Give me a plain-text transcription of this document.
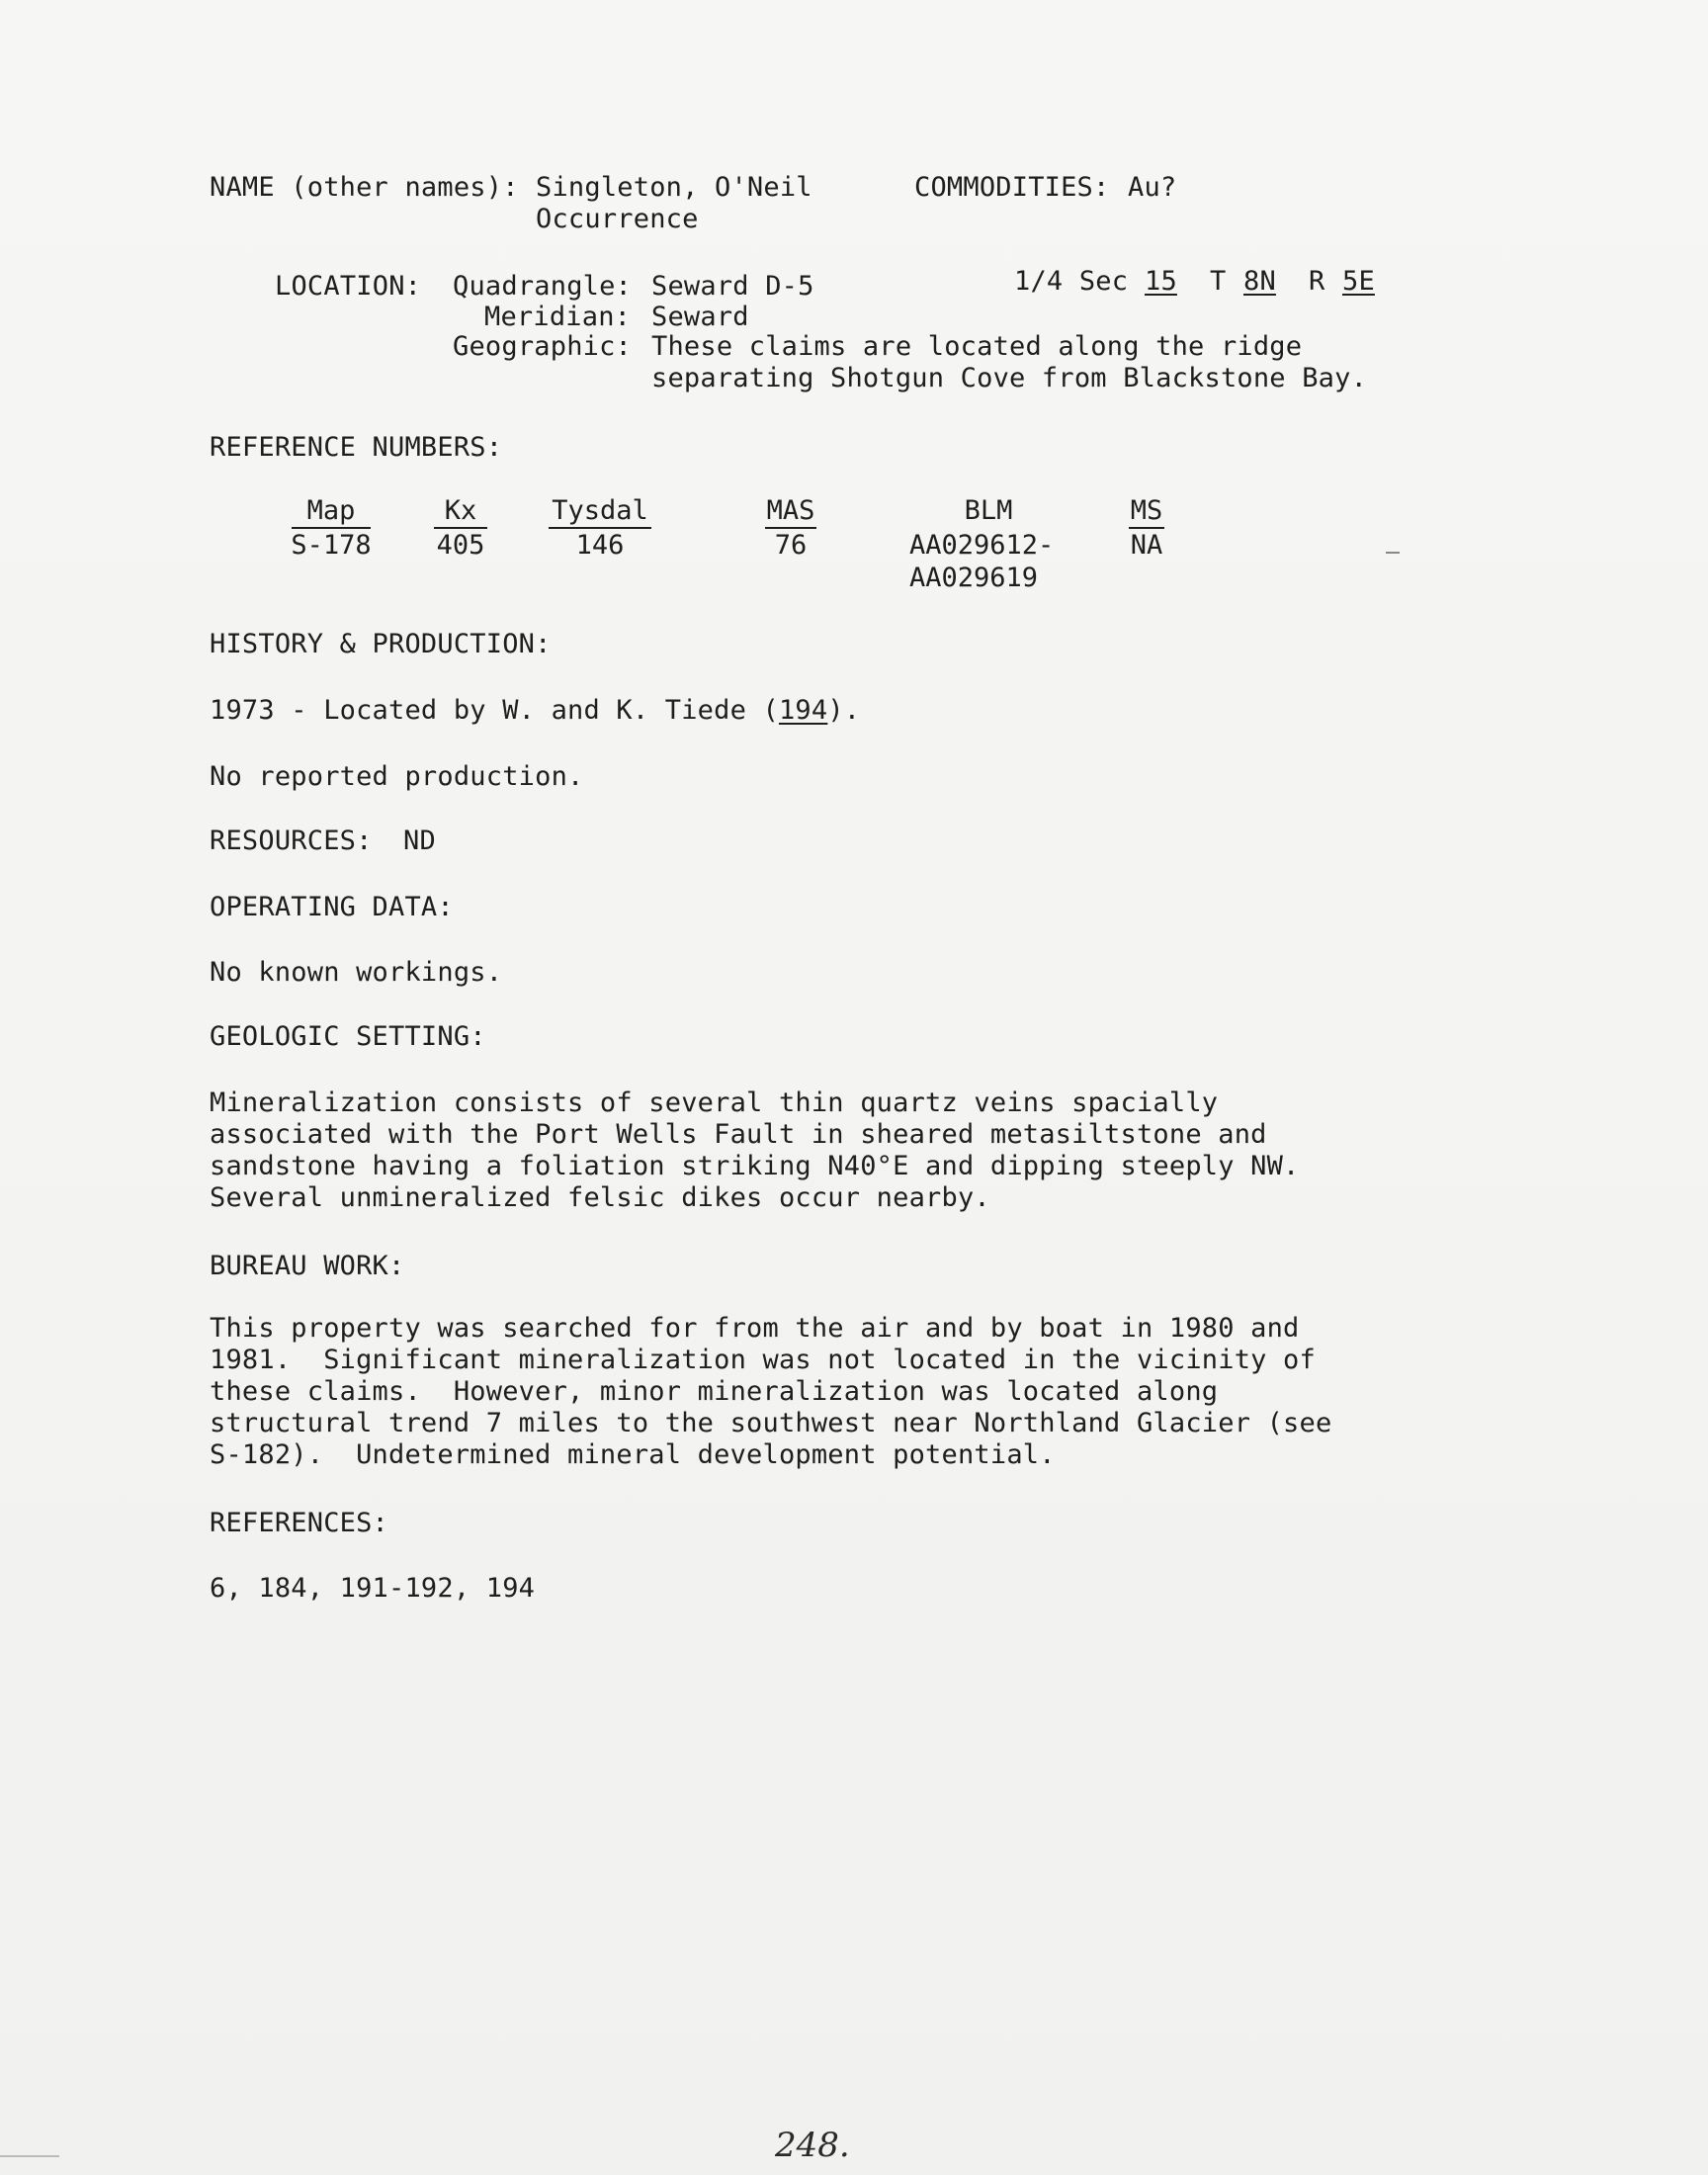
NAME (other names): Singleton, O'Neil
Occurrence
COMMODITIES: Au?
LOCATION: Quadrangle: Seward D-5	1/4 Sec 15 T 8N R 5E
Meridian: Seward
Geographic: These claims are located along the ridge
separating Shotgun Cove from Blackstone Bay.
REFERENCE NUMBERS:
Map
S-178
Kx
405
Tysdal
146
MAS
76
BLM
AA029612-
AA029619
MS
NA
HISTORY & PRODUCTION:
1973 - Located by W. and K. Tiede (194).
No reported production.
RESOURCES: ND
OPERATING DATA:
No known workings.
GEOLOGIC SETTING:
Mineralization consists of several thin quartz veins spacially
associated with the Port Wells Fault in sheared metasiltstone and
sandstone having a foliation striking N40°E and dipping steeply NW.
Several unmineralized felsic dikes occur nearby.
BUREAU WORK:
This property was searched for from the air and by boat in 1980 and
1981.  Significant mineralization was not located in the vicinity of
these claims.  However, minor mineralization was located along
structural trend 7 miles to the southwest near Northland Glacier (see
S-182).  Undetermined mineral development potential.
REFERENCES:
6, 184, 191-192, 194
248.
